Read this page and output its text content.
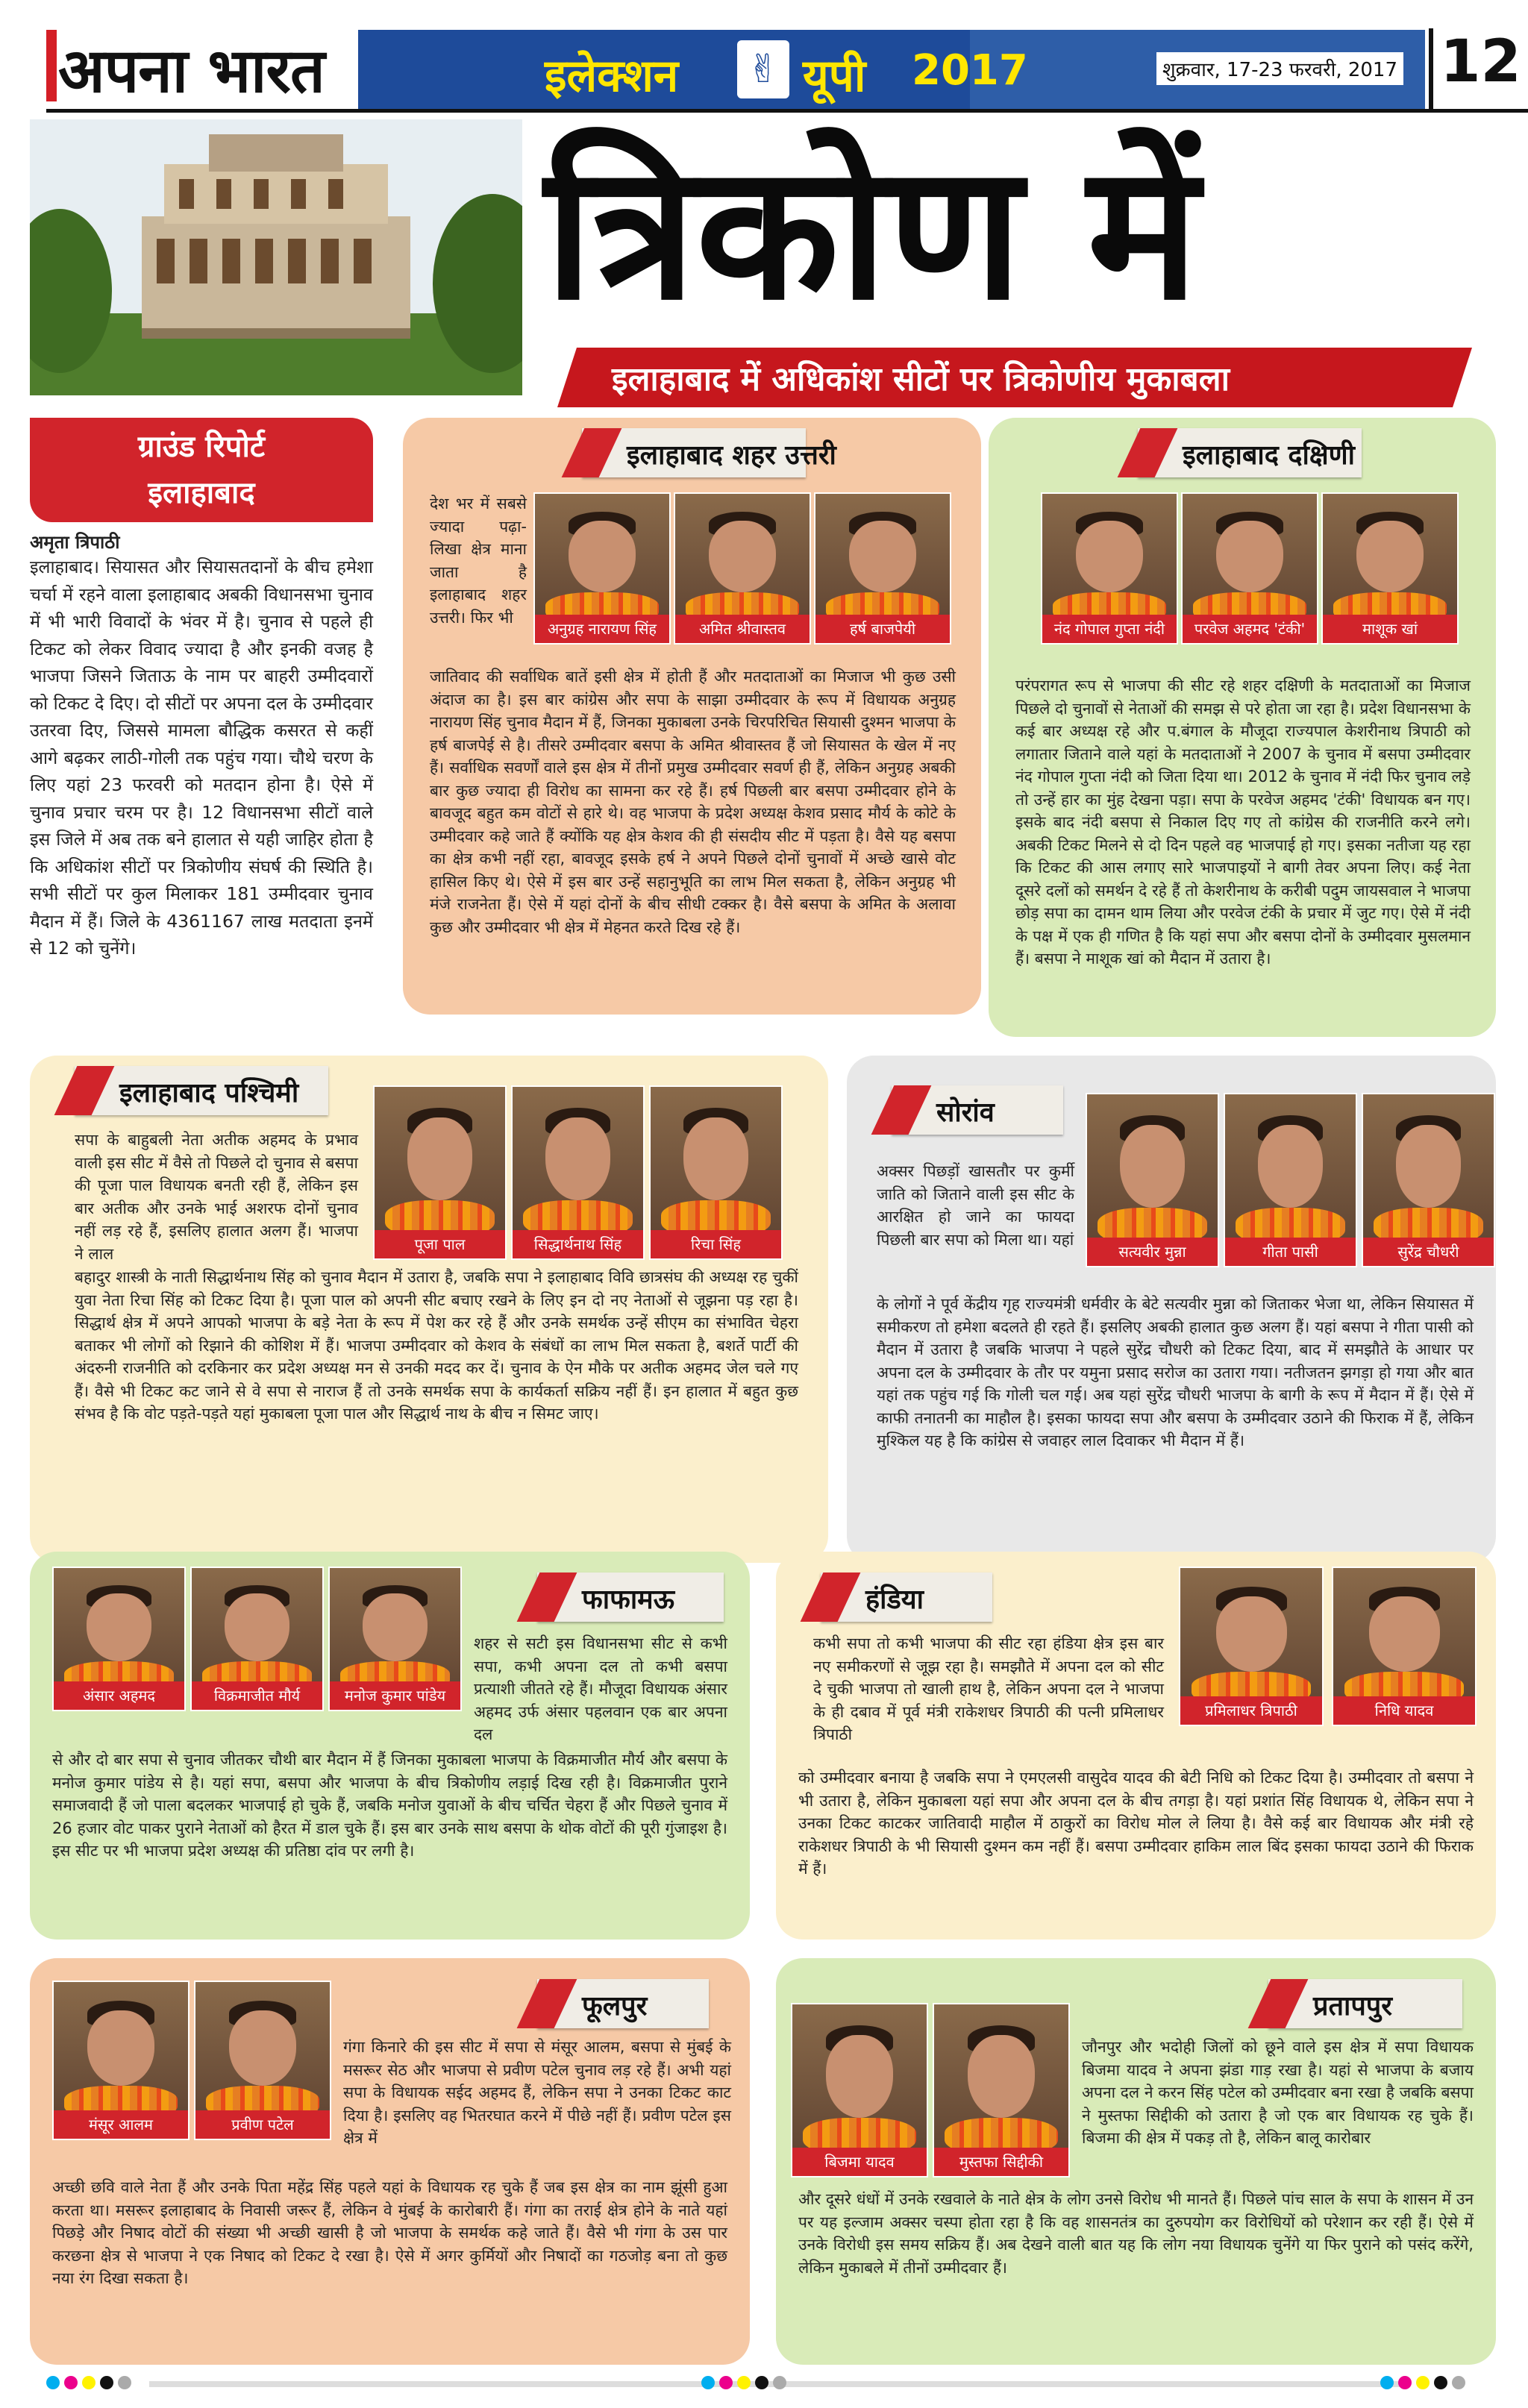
अपना भारत	इलेक्शन ✌ यूपी 2017	शुक्रवार, 17-23 फरवरी, 2017 12
त्रिकोण में
इलाहाबाद में अधिकांश सीटों पर त्रिकोणीय मुकाबला
ग्राउंड रिपोर्ट
इलाहाबाद
अमृता त्रिपाठी
इलाहाबाद। सियासत और सियासतदानों के बीच हमेशा चर्चा में रहने वाला इलाहाबाद अबकी विधानसभा चुनाव में भी भारी विवादों के भंवर में है। चुनाव से पहले ही टिकट को लेकर विवाद ज्यादा है और इनकी वजह है भाजपा जिसने जिताऊ के नाम पर बाहरी उम्मीदवारों को टिकट दे दिए। दो सीटों पर अपना दल के उम्मीदवार उतरवा दिए, जिससे मामला बौद्धिक कसरत से कहीं आगे बढ़कर लाठी-गोली तक पहुंच गया। चौथे चरण के लिए यहां 23 फरवरी को मतदान होना है। ऐसे में चुनाव प्रचार चरम पर है। 12 विधानसभा सीटों वाले इस जिले में अब तक बने हालात से यही जाहिर होता है कि अधिकांश सीटों पर त्रिकोणीय संघर्ष की स्थिति है। सभी सीटों पर कुल मिलाकर 181 उम्मीदवार चुनाव मैदान में हैं। जिले के 4361167 लाख मतदाता इनमें से 12 को चुनेंगे।
इलाहाबाद शहर उत्तरी
अनुग्रह नारायण सिंह	अमित श्रीवास्तव	हर्ष बाजपेयी
देश भर में सबसे ज्यादा पढ़ा-लिखा क्षेत्र माना जाता है इलाहाबाद शहर उत्तरी। फिर भी
जातिवाद की सर्वाधिक बातें इसी क्षेत्र में होती हैं और मतदाताओं का मिजाज भी कुछ उसी अंदाज का है। इस बार कांग्रेस और सपा के साझा उम्मीदवार के रूप में विधायक अनुग्रह नारायण सिंह चुनाव मैदान में हैं, जिनका मुकाबला उनके चिरपरिचित सियासी दुश्मन भाजपा के हर्ष बाजपेई से है। तीसरे उम्मीदवार बसपा के अमित श्रीवास्तव हैं जो सियासत के खेल में नए हैं। सर्वाधिक सवर्णों वाले इस क्षेत्र में तीनों प्रमुख उम्मीदवार सवर्ण ही हैं, लेकिन अनुग्रह अबकी बार कुछ ज्यादा ही विरोध का सामना कर रहे हैं। हर्ष पिछली बार बसपा उम्मीदवार होने के बावजूद बहुत कम वोटों से हारे थे। वह भाजपा के प्रदेश अध्यक्ष केशव प्रसाद मौर्य के कोटे के उम्मीदवार कहे जाते हैं क्योंकि यह क्षेत्र केशव की ही संसदीय सीट में पड़ता है। वैसे यह बसपा का क्षेत्र कभी नहीं रहा, बावजूद इसके हर्ष ने अपने पिछले दोनों चुनावों में अच्छे खासे वोट हासिल किए थे। ऐसे में इस बार उन्हें सहानुभूति का लाभ मिल सकता है, लेकिन अनुग्रह भी मंजे राजनेता हैं। ऐसे में यहां दोनों के बीच सीधी टक्कर है। वैसे बसपा के अमित के अलावा कुछ और उम्मीदवार भी क्षेत्र में मेहनत करते दिख रहे हैं।
इलाहाबाद दक्षिणी
नंद गोपाल गुप्ता नंदी	परवेज अहमद 'टंकी'	माशूक खां
परंपरागत रूप से भाजपा की सीट रहे शहर दक्षिणी के मतदाताओं का मिजाज पिछले दो चुनावों से नेताओं की समझ से परे होता जा रहा है। प्रदेश विधानसभा के कई बार अध्यक्ष रहे और प.बंगाल के मौजूदा राज्यपाल केशरीनाथ त्रिपाठी को लगातार जिताने वाले यहां के मतदाताओं ने 2007 के चुनाव में बसपा उम्मीदवार नंद गोपाल गुप्ता नंदी को जिता दिया था। 2012 के चुनाव में नंदी फिर चुनाव लड़े तो उन्हें हार का मुंह देखना पड़ा। सपा के परवेज अहमद 'टंकी' विधायक बन गए। इसके बाद नंदी बसपा से निकाल दिए गए तो कांग्रेस की राजनीति करने लगे। अबकी टिकट मिलने से दो दिन पहले वह भाजपाई हो गए। इसका नतीजा यह रहा कि टिकट की आस लगाए सारे भाजपाइयों ने बागी तेवर अपना लिए। कई नेता दूसरे दलों को समर्थन दे रहे हैं तो केशरीनाथ के करीबी पदुम जायसवाल ने भाजपा छोड़ सपा का दामन थाम लिया और परवेज टंकी के प्रचार में जुट गए। ऐसे में नंदी के पक्ष में एक ही गणित है कि यहां सपा और बसपा दोनों के उम्मीदवार मुसलमान हैं। बसपा ने माशूक खां को मैदान में उतारा है।
इलाहाबाद पश्चिमी
पूजा पाल	सिद्धार्थनाथ सिंह	रिचा सिंह
सपा के बाहुबली नेता अतीक अहमद के प्रभाव वाली इस सीट में वैसे तो पिछले दो चुनाव से बसपा की पूजा पाल विधायक बनती रही हैं, लेकिन इस बार अतीक और उनके भाई अशरफ दोनों चुनाव नहीं लड़ रहे हैं, इसलिए हालात अलग हैं। भाजपा ने लाल
बहादुर शास्त्री के नाती सिद्धार्थनाथ सिंह को चुनाव मैदान में उतारा है, जबकि सपा ने इलाहाबाद विवि छात्रसंघ की अध्यक्ष रह चुकीं युवा नेता रिचा सिंह को टिकट दिया है। पूजा पाल को अपनी सीट बचाए रखने के लिए इन दो नए नेताओं से जूझना पड़ रहा है। सिद्धार्थ क्षेत्र में अपने आपको भाजपा के बड़े नेता के रूप में पेश कर रहे हैं और उनके समर्थक उन्हें सीएम का संभावित चेहरा बताकर भी लोगों को रिझाने की कोशिश में हैं। भाजपा उम्मीदवार को केशव के संबंधों का लाभ मिल सकता है, बशर्ते पार्टी की अंदरुनी राजनीति को दरकिनार कर प्रदेश अध्यक्ष मन से उनकी मदद कर दें। चुनाव के ऐन मौके पर अतीक अहमद जेल चले गए हैं। वैसे भी टिकट कट जाने से वे सपा से नाराज हैं तो उनके समर्थक सपा के कार्यकर्ता सक्रिय नहीं हैं। इन हालात में बहुत कुछ संभव है कि वोट पड़ते-पड़ते यहां मुकाबला पूजा पाल और सिद्धार्थ नाथ के बीच न सिमट जाए।
सोरांव
सत्यवीर मुन्ना	गीता पासी	सुरेंद्र चौधरी
अक्सर पिछड़ों खासतौर पर कुर्मी जाति को जिताने वाली इस सीट के आरक्षित हो जाने का फायदा पिछली बार सपा को मिला था। यहां
के लोगों ने पूर्व केंद्रीय गृह राज्यमंत्री धर्मवीर के बेटे सत्यवीर मुन्ना को जिताकर भेजा था, लेकिन सियासत में समीकरण तो हमेशा बदलते ही रहते हैं। इसलिए अबकी हालात कुछ अलग हैं। यहां बसपा ने गीता पासी को मैदान में उतारा है जबकि भाजपा ने पहले सुरेंद्र चौधरी को टिकट दिया, बाद में समझौते के आधार पर अपना दल के उम्मीदवार के तौर पर यमुना प्रसाद सरोज का उतारा गया। नतीजतन झगड़ा हो गया और बात यहां तक पहुंच गई कि गोली चल गई। अब यहां सुरेंद्र चौधरी भाजपा के बागी के रूप में मैदान में हैं। ऐसे में काफी तनातनी का माहौल है। इसका फायदा सपा और बसपा के उम्मीदवार उठाने की फिराक में हैं, लेकिन मुश्किल यह है कि कांग्रेस से जवाहर लाल दिवाकर भी मैदान में हैं।
फाफामऊ
अंसार अहमद	विक्रमाजीत मौर्य	मनोज कुमार पांडेय
शहर से सटी इस विधानसभा सीट से कभी सपा, कभी अपना दल तो कभी बसपा प्रत्याशी जीतते रहे हैं। मौजूदा विधायक अंसार अहमद उर्फ अंसार पहलवान एक बार अपना दल
से और दो बार सपा से चुनाव जीतकर चौथी बार मैदान में हैं जिनका मुकाबला भाजपा के विक्रमाजीत मौर्य और बसपा के मनोज कुमार पांडेय से है। यहां सपा, बसपा और भाजपा के बीच त्रिकोणीय लड़ाई दिख रही है। विक्रमाजीत पुराने समाजवादी हैं जो पाला बदलकर भाजपाई हो चुके हैं, जबकि मनोज युवाओं के बीच चर्चित चेहरा हैं और पिछले चुनाव में 26 हजार वोट पाकर पुराने नेताओं को हैरत में डाल चुके हैं। इस बार उनके साथ बसपा के थोक वोटों की पूरी गुंजाइश है। इस सीट पर भी भाजपा प्रदेश अध्यक्ष की प्रतिष्ठा दांव पर लगी है।
हंडिया
प्रमिलाधर त्रिपाठी	निधि यादव
कभी सपा तो कभी भाजपा की सीट रहा हंडिया क्षेत्र इस बार नए समीकरणों से जूझ रहा है। समझौते में अपना दल को सीट दे चुकी भाजपा तो खाली हाथ है, लेकिन अपना दल ने भाजपा के ही दबाव में पूर्व मंत्री राकेशधर त्रिपाठी की पत्नी प्रमिलाधर त्रिपाठी
को उम्मीदवार बनाया है जबकि सपा ने एमएलसी वासुदेव यादव की बेटी निधि को टिकट दिया है। उम्मीदवार तो बसपा ने भी उतारा है, लेकिन मुकाबला यहां सपा और अपना दल के बीच तगड़ा है। यहां प्रशांत सिंह विधायक थे, लेकिन सपा ने उनका टिकट काटकर जातिवादी माहौल में ठाकुरों का विरोध मोल ले लिया है। वैसे कई बार विधायक और मंत्री रहे राकेशधर त्रिपाठी के भी सियासी दुश्मन कम नहीं हैं। बसपा उम्मीदवार हाकिम लाल बिंद इसका फायदा उठाने की फिराक में हैं।
फूलपुर
मंसूर आलम	प्रवीण पटेल
गंगा किनारे की इस सीट में सपा से मंसूर आलम, बसपा से मुंबई के मसरूर सेठ और भाजपा से प्रवीण पटेल चुनाव लड़ रहे हैं। अभी यहां सपा के विधायक सईद अहमद हैं, लेकिन सपा ने उनका टिकट काट दिया है। इसलिए वह भितरघात करने में पीछे नहीं हैं। प्रवीण पटेल इस क्षेत्र में
अच्छी छवि वाले नेता हैं और उनके पिता महेंद्र सिंह पहले यहां के विधायक रह चुके हैं जब इस क्षेत्र का नाम झूंसी हुआ करता था। मसरूर इलाहाबाद के निवासी जरूर हैं, लेकिन वे मुंबई के कारोबारी हैं। गंगा का तराई क्षेत्र होने के नाते यहां पिछड़े और निषाद वोटों की संख्या भी अच्छी खासी है जो भाजपा के समर्थक कहे जाते हैं। वैसे भी गंगा के उस पार करछना क्षेत्र से भाजपा ने एक निषाद को टिकट दे रखा है। ऐसे में अगर कुर्मियों और निषादों का गठजोड़ बना तो कुछ नया रंग दिखा सकता है।
प्रतापपुर
बिजमा यादव	मुस्तफा सिद्दीकी
जौनपुर और भदोही जिलों को छूने वाले इस क्षेत्र में सपा विधायक बिजमा यादव ने अपना झंडा गाड़ रखा है। यहां से भाजपा के बजाय अपना दल ने करन सिंह पटेल को उम्मीदवार बना रखा है जबकि बसपा ने मुस्तफा सिद्दीकी को उतारा है जो एक बार विधायक रह चुके हैं। बिजमा की क्षेत्र में पकड़ तो है, लेकिन बालू कारोबार
और दूसरे धंधों में उनके रखवाले के नाते क्षेत्र के लोग उनसे विरोध भी मानते हैं। पिछले पांच साल के सपा के शासन में उन पर यह इल्जाम अक्सर चस्पा होता रहा है कि वह शासनतंत्र का दुरुपयोग कर विरोधियों को परेशान कर रही हैं। ऐसे में उनके विरोधी इस समय सक्रिय हैं। अब देखने वाली बात यह कि लोग नया विधायक चुनेंगे या फिर पुराने को पसंद करेंगे, लेकिन मुकाबले में तीनों उम्मीदवार हैं।
